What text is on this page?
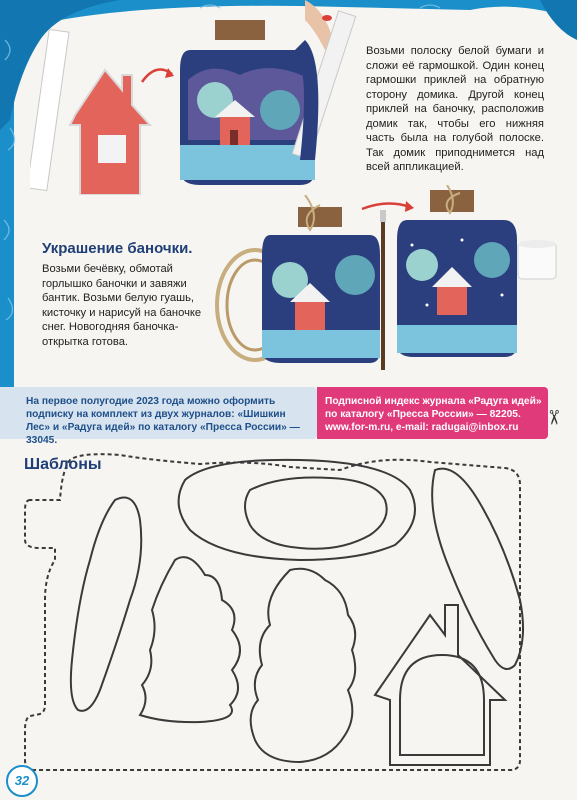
Возьми полоску белой бумаги и сложи её гармошкой. Один конец гармошки приклей на обратную сторону домика. Другой конец приклей на баночку, расположив домик так, чтобы его нижняя часть была на голубой полоске. Так домик приподнимется над всей аппликацией.
Украшение баночки.
Возьми бечёвку, обмотай горлышко баночки и завяжи бантик. Возьми белую гуашь, кисточку и нарисуй на баночке снег. Новогодняя баночка-открытка готова.
На первое полугодие 2023 года можно оформить подписку на комплект из двух журналов: «Шишкин Лес» и «Радуга идей» по каталогу «Пресса России» — 33045.
Подписной индекс журнала «Радуга идей» по каталогу «Пресса России» — 82205. www.for-m.ru, e-mail: radugai@inbox.ru
✂
Шаблоны
32
